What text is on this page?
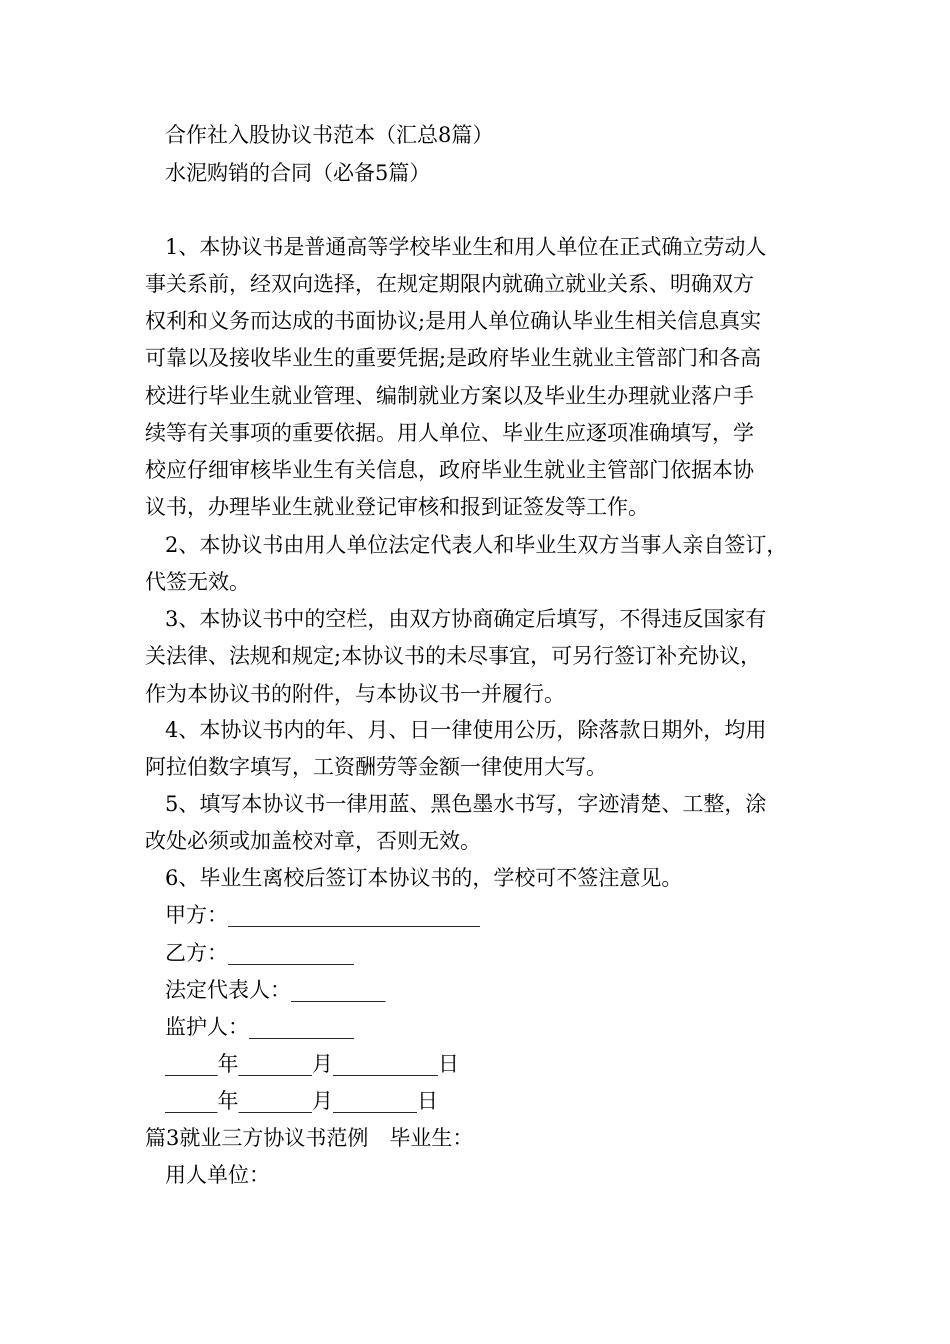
合作社入股协议书范本（汇总8篇）
水泥购销的合同（必备5篇）
1、本协议书是普通高等学校毕业生和用人单位在正式确立劳动人
事关系前，经双向选择，在规定期限内就确立就业关系、明确双方
权利和义务而达成的书面协议;是用人单位确认毕业生相关信息真实
可靠以及接收毕业生的重要凭据;是政府毕业生就业主管部门和各高
校进行毕业生就业管理、编制就业方案以及毕业生办理就业落户手
续等有关事项的重要依据。用人单位、毕业生应逐项准确填写，学
校应仔细审核毕业生有关信息，政府毕业生就业主管部门依据本协
议书，办理毕业生就业登记审核和报到证签发等工作。
2、本协议书由用人单位法定代表人和毕业生双方当事人亲自签订，
代签无效。
3、本协议书中的空栏，由双方协商确定后填写，不得违反国家有
关法律、法规和规定;本协议书的未尽事宜，可另行签订补充协议，
作为本协议书的附件，与本协议书一并履行。
4、本协议书内的年、月、日一律使用公历，除落款日期外，均用
阿拉伯数字填写，工资酬劳等金额一律使用大写。
5、填写本协议书一律用蓝、黑色墨水书写，字迹清楚、工整，涂
改处必须或加盖校对章，否则无效。
6、毕业生离校后签订本协议书的，学校可不签注意见。
甲方：________________________
乙方：____________
法定代表人：_________
监护人：__________
_____年_______月__________日
_____年_______月________日
篇3就业三方协议书范例　毕业生：
用人单位：
